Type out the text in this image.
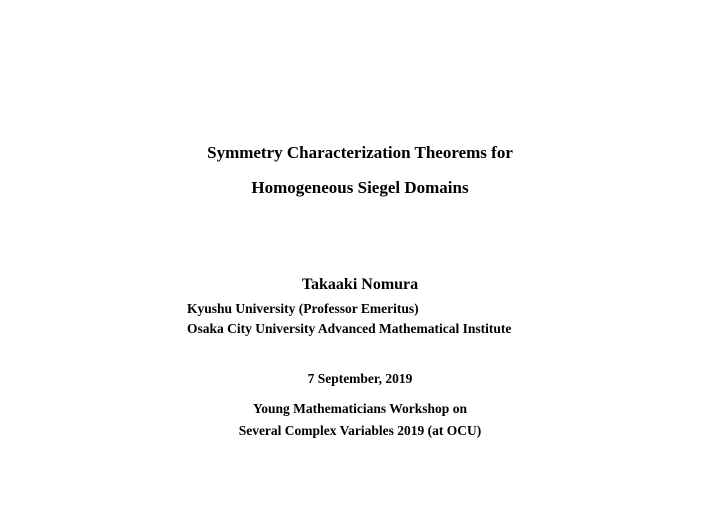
Symmetry Characterization Theorems for
Homogeneous Siegel Domains
Takaaki Nomura
Kyushu University (Professor Emeritus)
Osaka City University Advanced Mathematical Institute
7 September, 2019
Young Mathematicians Workshop on
Several Complex Variables 2019 (at OCU)
